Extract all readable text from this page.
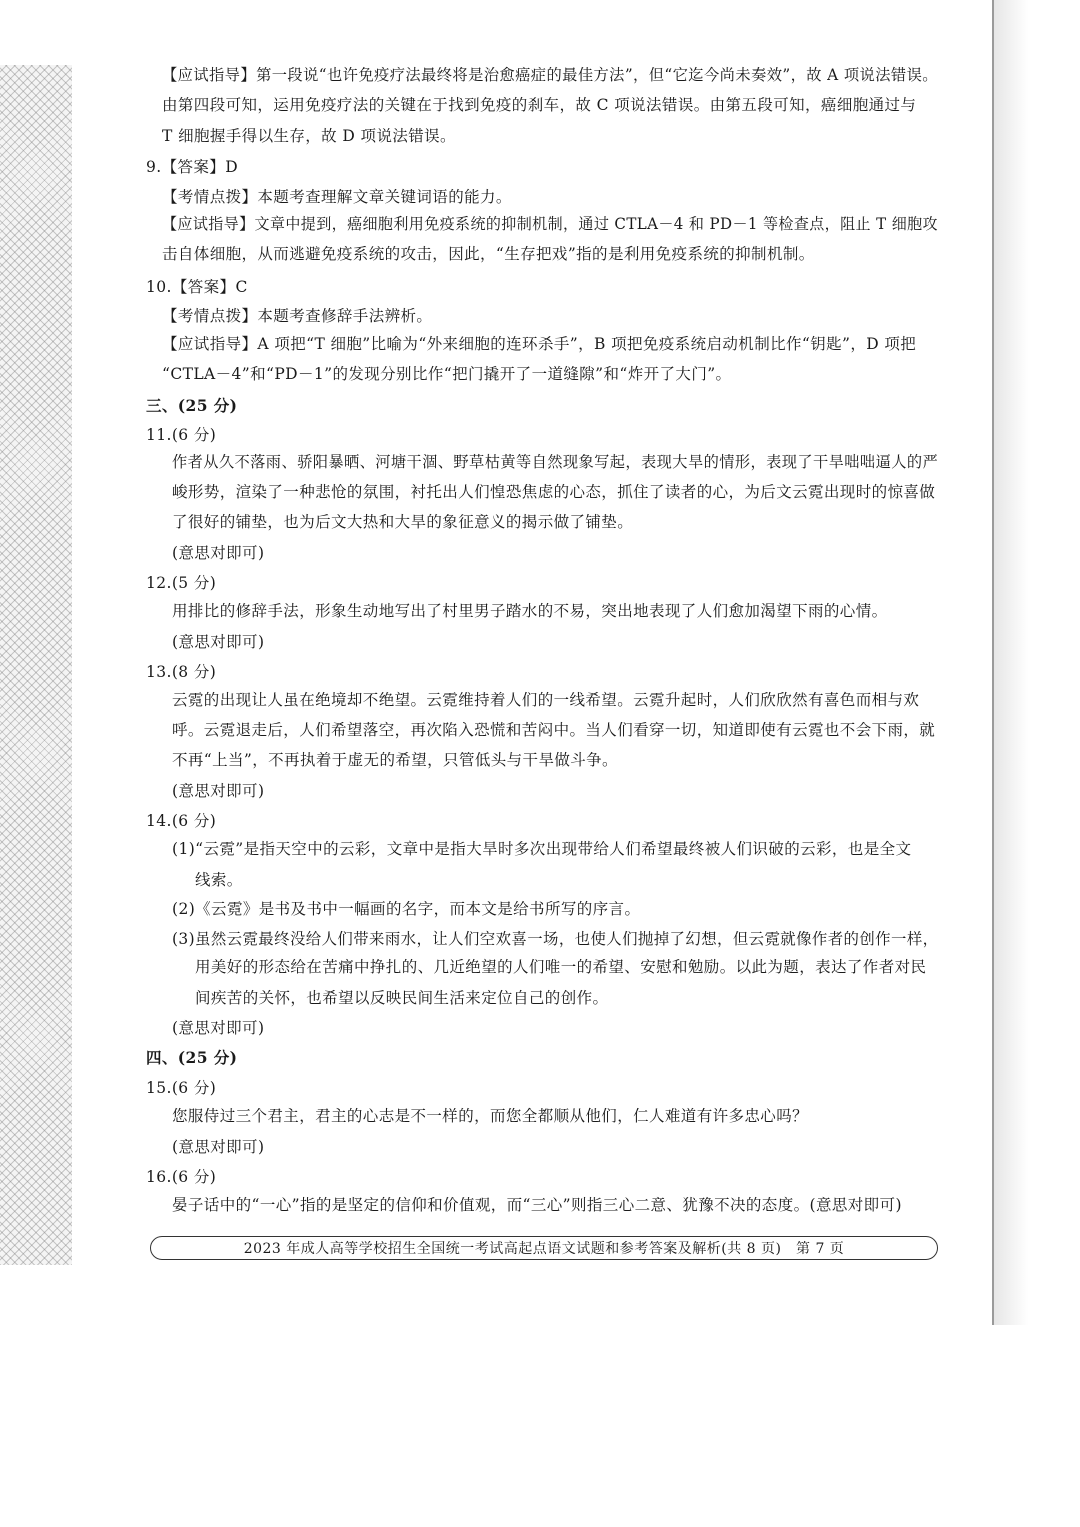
【应试指导】第一段说“也许免疫疗法最终将是治愈癌症的最佳方法”，但“它迄今尚未奏效”，故 A 项说法错误。
由第四段可知，运用免疫疗法的关键在于找到免疫的刹车，故 C 项说法错误。由第五段可知，癌细胞通过与
T 细胞握手得以生存，故 D 项说法错误。
9.【答案】D
【考情点拨】本题考查理解文章关键词语的能力。
【应试指导】文章中提到，癌细胞利用免疫系统的抑制机制，通过 CTLA－4 和 PD－1 等检查点，阻止 T 细胞攻
击自体细胞，从而逃避免疫系统的攻击，因此，“生存把戏”指的是利用免疫系统的抑制机制。
10.【答案】C
【考情点拨】本题考查修辞手法辨析。
【应试指导】A 项把“T 细胞”比喻为“外来细胞的连环杀手”，B 项把免疫系统启动机制比作“钥匙”，D 项把
“CTLA－4”和“PD－1”的发现分别比作“把门撬开了一道缝隙”和“炸开了大门”。
三、(25 分)
11.(6 分)
作者从久不落雨、骄阳暴晒、河塘干涸、野草枯黄等自然现象写起，表现大旱的情形，表现了干旱咄咄逼人的严
峻形势，渲染了一种悲怆的氛围，衬托出人们惶恐焦虑的心态，抓住了读者的心，为后文云霓出现时的惊喜做
了很好的铺垫，也为后文大热和大旱的象征意义的揭示做了铺垫。
(意思对即可)
12.(5 分)
用排比的修辞手法，形象生动地写出了村里男子踏水的不易，突出地表现了人们愈加渴望下雨的心情。
(意思对即可)
13.(8 分)
云霓的出现让人虽在绝境却不绝望。云霓维持着人们的一线希望。云霓升起时，人们欣欣然有喜色而相与欢
呼。云霓退走后，人们希望落空，再次陷入恐慌和苦闷中。当人们看穿一切，知道即使有云霓也不会下雨，就
不再“上当”，不再执着于虚无的希望，只管低头与干旱做斗争。
(意思对即可)
14.(6 分)
(1)“云霓”是指天空中的云彩，文章中是指大旱时多次出现带给人们希望最终被人们识破的云彩，也是全文
线索。
(2)《云霓》是书及书中一幅画的名字，而本文是给书所写的序言。
(3)虽然云霓最终没给人们带来雨水，让人们空欢喜一场，也使人们抛掉了幻想，但云霓就像作者的创作一样，
用美好的形态给在苦痛中挣扎的、几近绝望的人们唯一的希望、安慰和勉励。以此为题，表达了作者对民
间疾苦的关怀，也希望以反映民间生活来定位自己的创作。
(意思对即可)
四、(25 分)
15.(6 分)
您服侍过三个君主，君主的心志是不一样的，而您全都顺从他们，仁人难道有许多忠心吗？
(意思对即可)
16.(6 分)
晏子话中的“一心”指的是坚定的信仰和价值观，而“三心”则指三心二意、犹豫不决的态度。(意思对即可)
2023 年成人高等学校招生全国统一考试高起点语文试题和参考答案及解析(共 8 页)　第 7 页
